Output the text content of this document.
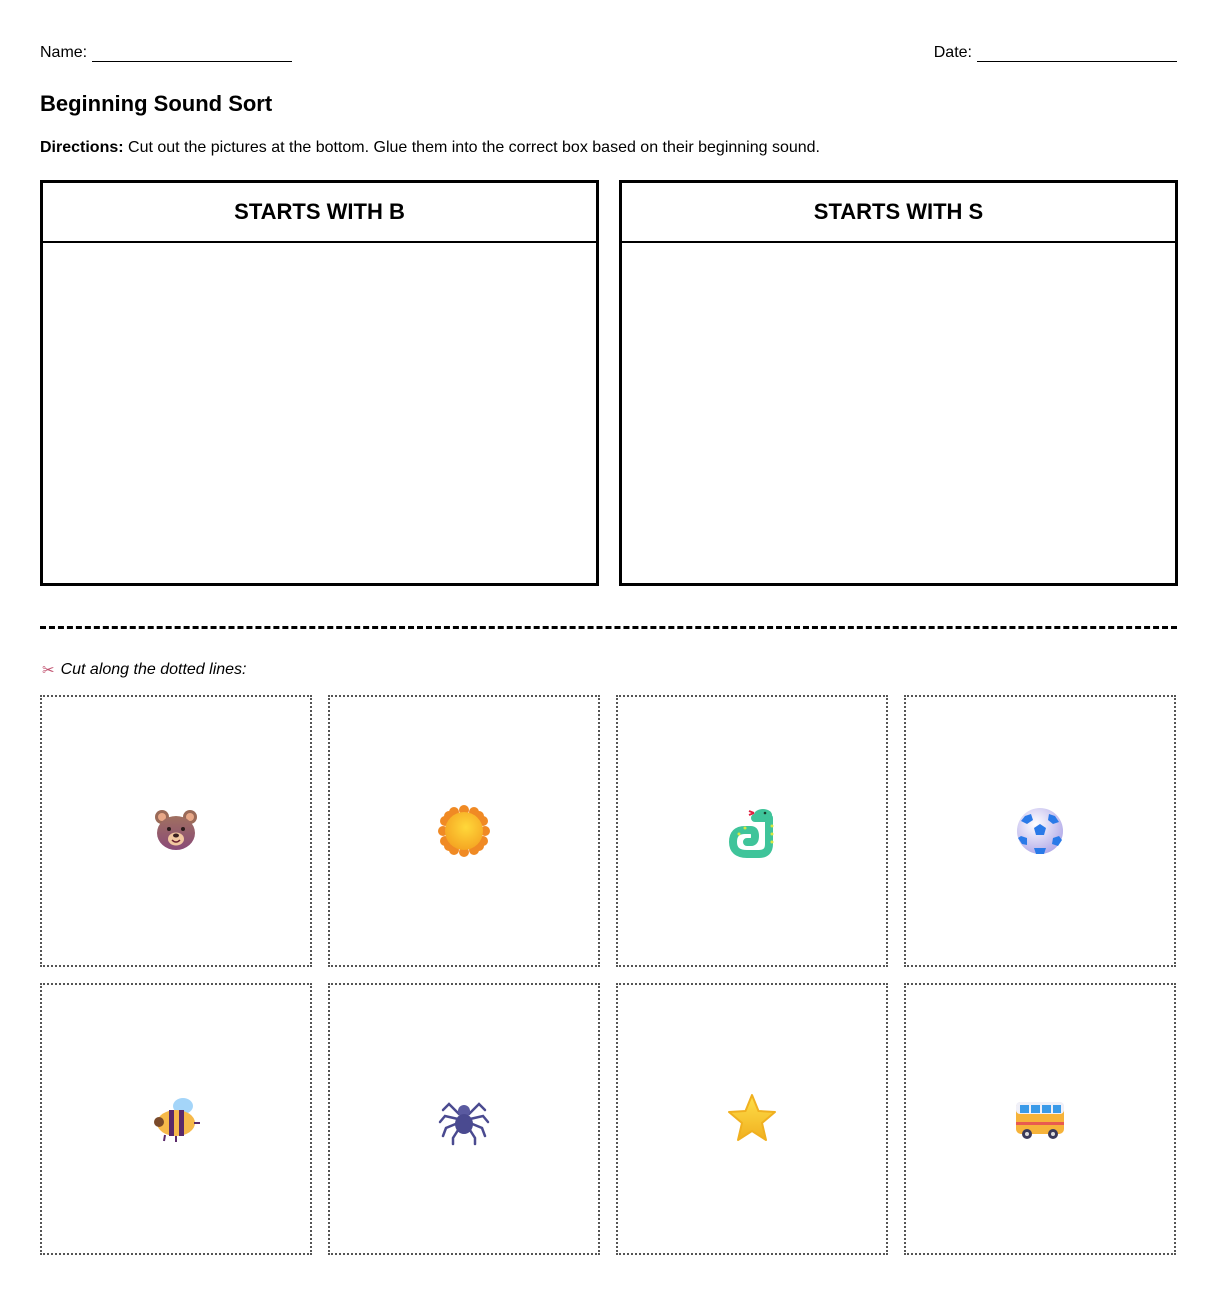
Name:	Date:
Beginning Sound Sort
Directions: Cut out the pictures at the bottom. Glue them into the correct box based on their beginning sound.
STARTS WITH B	STARTS WITH S
✂ Cut along the dotted lines:
